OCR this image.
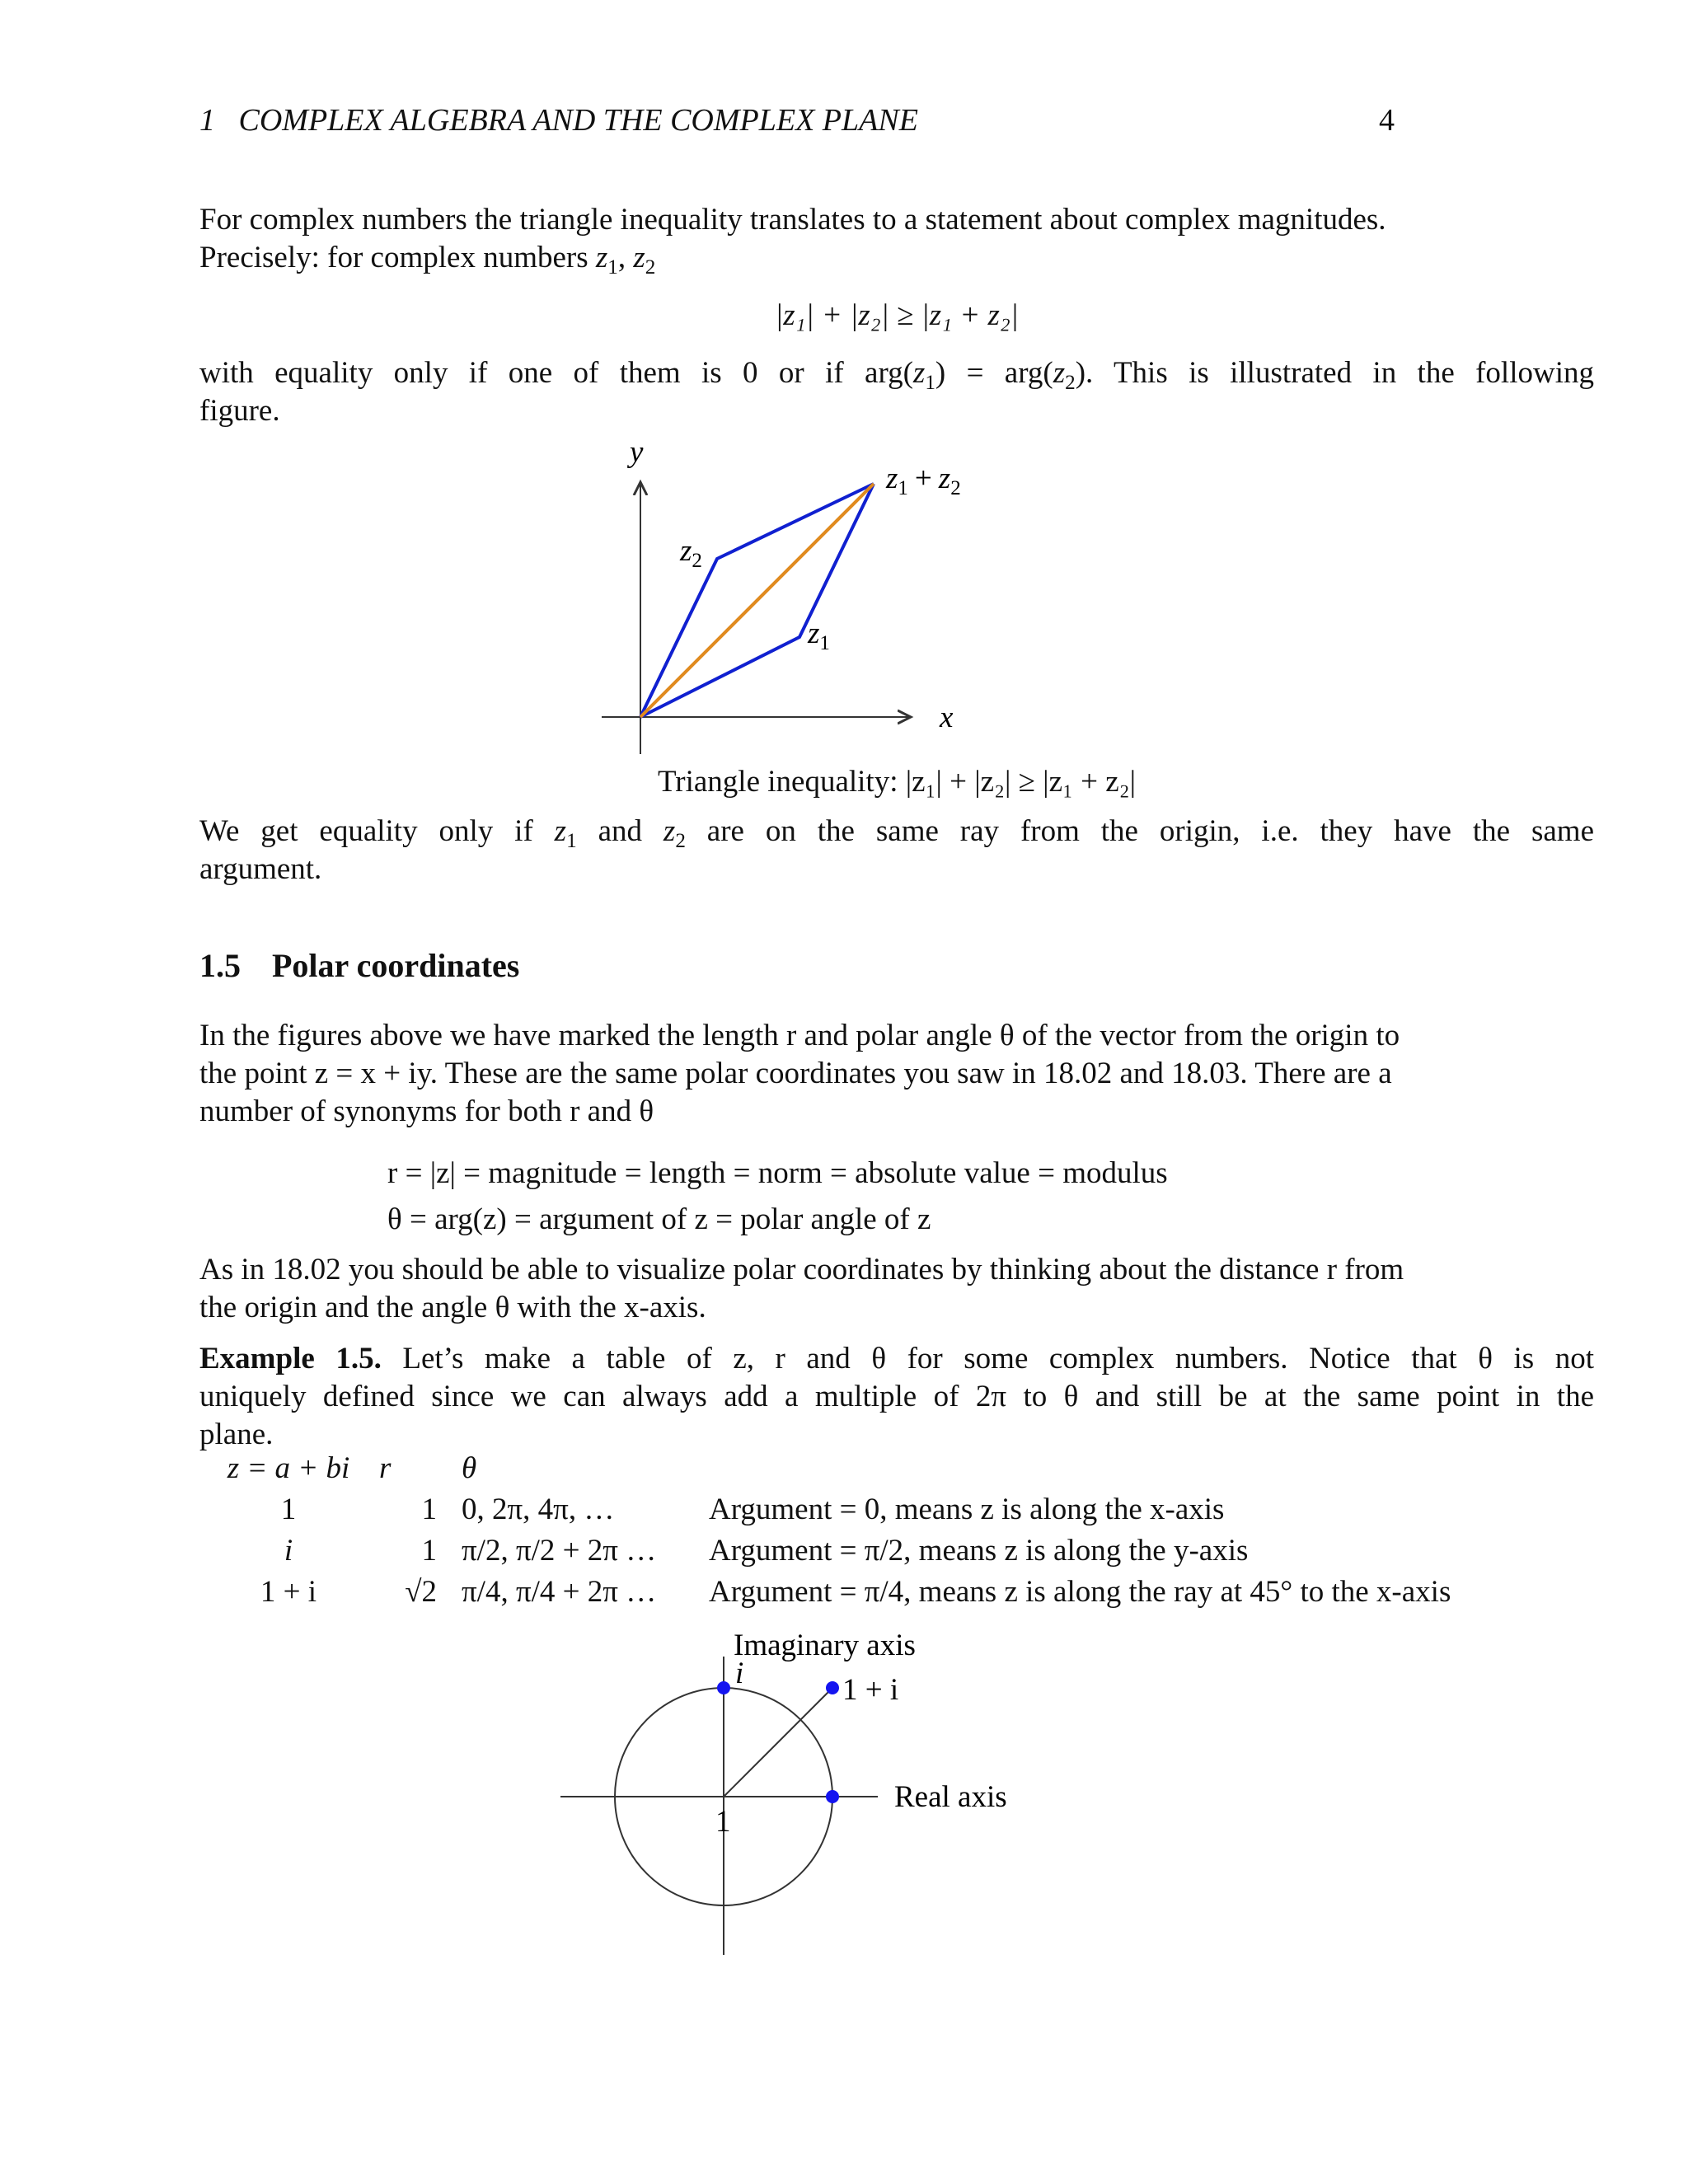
1 COMPLEX ALGEBRA AND THE COMPLEX PLANE	4
For complex numbers the triangle inequality translates to a statement about complex magnitudes.
Precisely: for complex numbers $z_1$, $z_2$
|z₁| + |z₂| ≥ |z₁ + z₂|
with equality only if one of them is 0 or if $arg(z_1) = arg(z_2)$. This is illustrated in the following
figure.
x
y
$z_2$
$z_1$
$z_1 + z_2$
Triangle inequality: |z₁| + |z₂| ≥ |z₁ + z₂|
We get equality only if $z_1$ and $z_2$ are on the same ray from the origin, i.e. they have the same
argument.
1.5 Polar coordinates
In the figures above we have marked the length r and polar angle θ of the vector from the origin to
the point z = x + iy. These are the same polar coordinates you saw in 18.02 and 18.03. There are a
number of synonyms for both r and θ
r = |z| = magnitude = length = norm = absolute value = modulus
θ = arg(z) = argument of z = polar angle of z
As in 18.02 you should be able to visualize polar coordinates by thinking about the distance r from
the origin and the angle θ with the x-axis.
Example 1.5. Let’s make a table of z, r and θ for some complex numbers. Notice that θ is not
uniquely defined since we can always add a multiple of 2π to θ and still be at the same point in the
plane.
z = a + bi	r	θ	
1	1	0, 2π, 4π, …	Argument = 0, means z is along the x-axis
i	1	π/2, π/2 + 2π …	Argument = π/2, means z is along the y-axis
1 + i	√2	π/4, π/4 + 2π …	Argument = π/4, means z is along the ray at 45° to the x-axis
Imaginary axis
Real axis
i	1 + i
1
